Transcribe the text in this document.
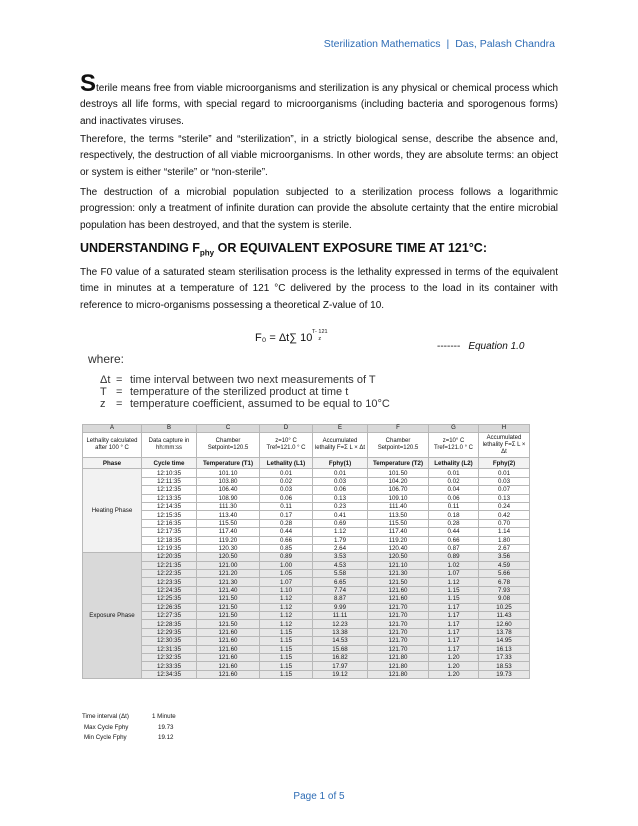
Sterilization Mathematics | Das, Palash Chandra
Sterile means free from viable microorganisms and sterilization is any physical or chemical process which destroys all life forms, with special regard to microorganisms (including bacteria and sporogenous forms) and inactivates viruses.
Therefore, the terms “sterile” and “sterilization”, in a strictly biological sense, describe the absence and, respectively, the destruction of all viable microorganisms. In other words, they are absolute terms: an object or system is either “sterile” or “non-sterile”.
The destruction of a microbial population subjected to a sterilization process follows a logarithmic progression: only a treatment of infinite duration can provide the absolute certainty that the entire microbial population has been destroyed, and that the system is sterile.
UNDERSTANDING $F_{phy}$ OR EQUIVALENT EXPOSURE TIME AT 121°C:
The F0 value of a saturated steam sterilisation process is the lethality expressed in terms of the equivalent time in minutes at a temperature of 121 °C delivered by the process to the load in its container with reference to micro-organisms possessing a theoretical Z-value of 10.
F₀ = Δt∑ 10 T- 121
z
------- Equation 1.0
where:
Δt = time interval between two next measurements of T
T = temperature of the sterilized product at time t
z = temperature coefficient, assumed to be equal to 10°C
A	B	C	D	E	F	G	H
Lethality calculated after 100 ° C	Data capture in hh:mm:ss	Chamber Setpoint=120.5	z=10° C Tref=121.0 ° C	Accumulated lethality F=Σ L × Δt	Chamber Setpoint=120.5	z=10° C Tref=121.0 ° C	Accumulated lethality F=Σ L × Δt
Phase	Cycle time	Temperature (T1)	Lethality (L1)	Fphy(1)	Temperature (T2)	Lethality (L2)	Fphy(2)
Heating Phase	12:10:35	101.10	0.01	0.01	101.50	0.01	0.01
	12:11:35	103.80	0.02	0.03	104.20	0.02	0.03
	12:12:35	106.40	0.03	0.06	106.70	0.04	0.07
	12:13:35	108.90	0.06	0.13	109.10	0.06	0.13
	12:14:35	111.30	0.11	0.23	111.40	0.11	0.24
	12:15:35	113.40	0.17	0.41	113.50	0.18	0.42
	12:16:35	115.50	0.28	0.69	115.50	0.28	0.70
	12:17:35	117.40	0.44	1.12	117.40	0.44	1.14
	12:18:35	119.20	0.66	1.79	119.20	0.66	1.80
	12:19:35	120.30	0.85	2.64	120.40	0.87	2.67
Exposure Phase	12:20:35	120.50	0.89	3.53	120.50	0.89	3.56
	12:21:35	121.00	1.00	4.53	121.10	1.02	4.59
	12:22:35	121.20	1.05	5.58	121.30	1.07	5.66
	12:23:35	121.30	1.07	6.65	121.50	1.12	6.78
	12:24:35	121.40	1.10	7.74	121.60	1.15	7.93
	12:25:35	121.50	1.12	8.87	121.60	1.15	9.08
	12:26:35	121.50	1.12	9.99	121.70	1.17	10.25
	12:27:35	121.50	1.12	11.11	121.70	1.17	11.43
	12:28:35	121.50	1.12	12.23	121.70	1.17	12.60
	12:29:35	121.60	1.15	13.38	121.70	1.17	13.78
	12:30:35	121.60	1.15	14.53	121.70	1.17	14.95
	12:31:35	121.60	1.15	15.68	121.70	1.17	16.13
	12:32:35	121.60	1.15	16.82	121.80	1.20	17.33
	12:33:35	121.60	1.15	17.97	121.80	1.20	18.53
	12:34:35	121.60	1.15	19.12	121.80	1.20	19.73
Time interval (Δt)	1 Minute
Max Cycle Fphy	19.73
Min Cycle Fphy	19.12
Page 1 of 5
